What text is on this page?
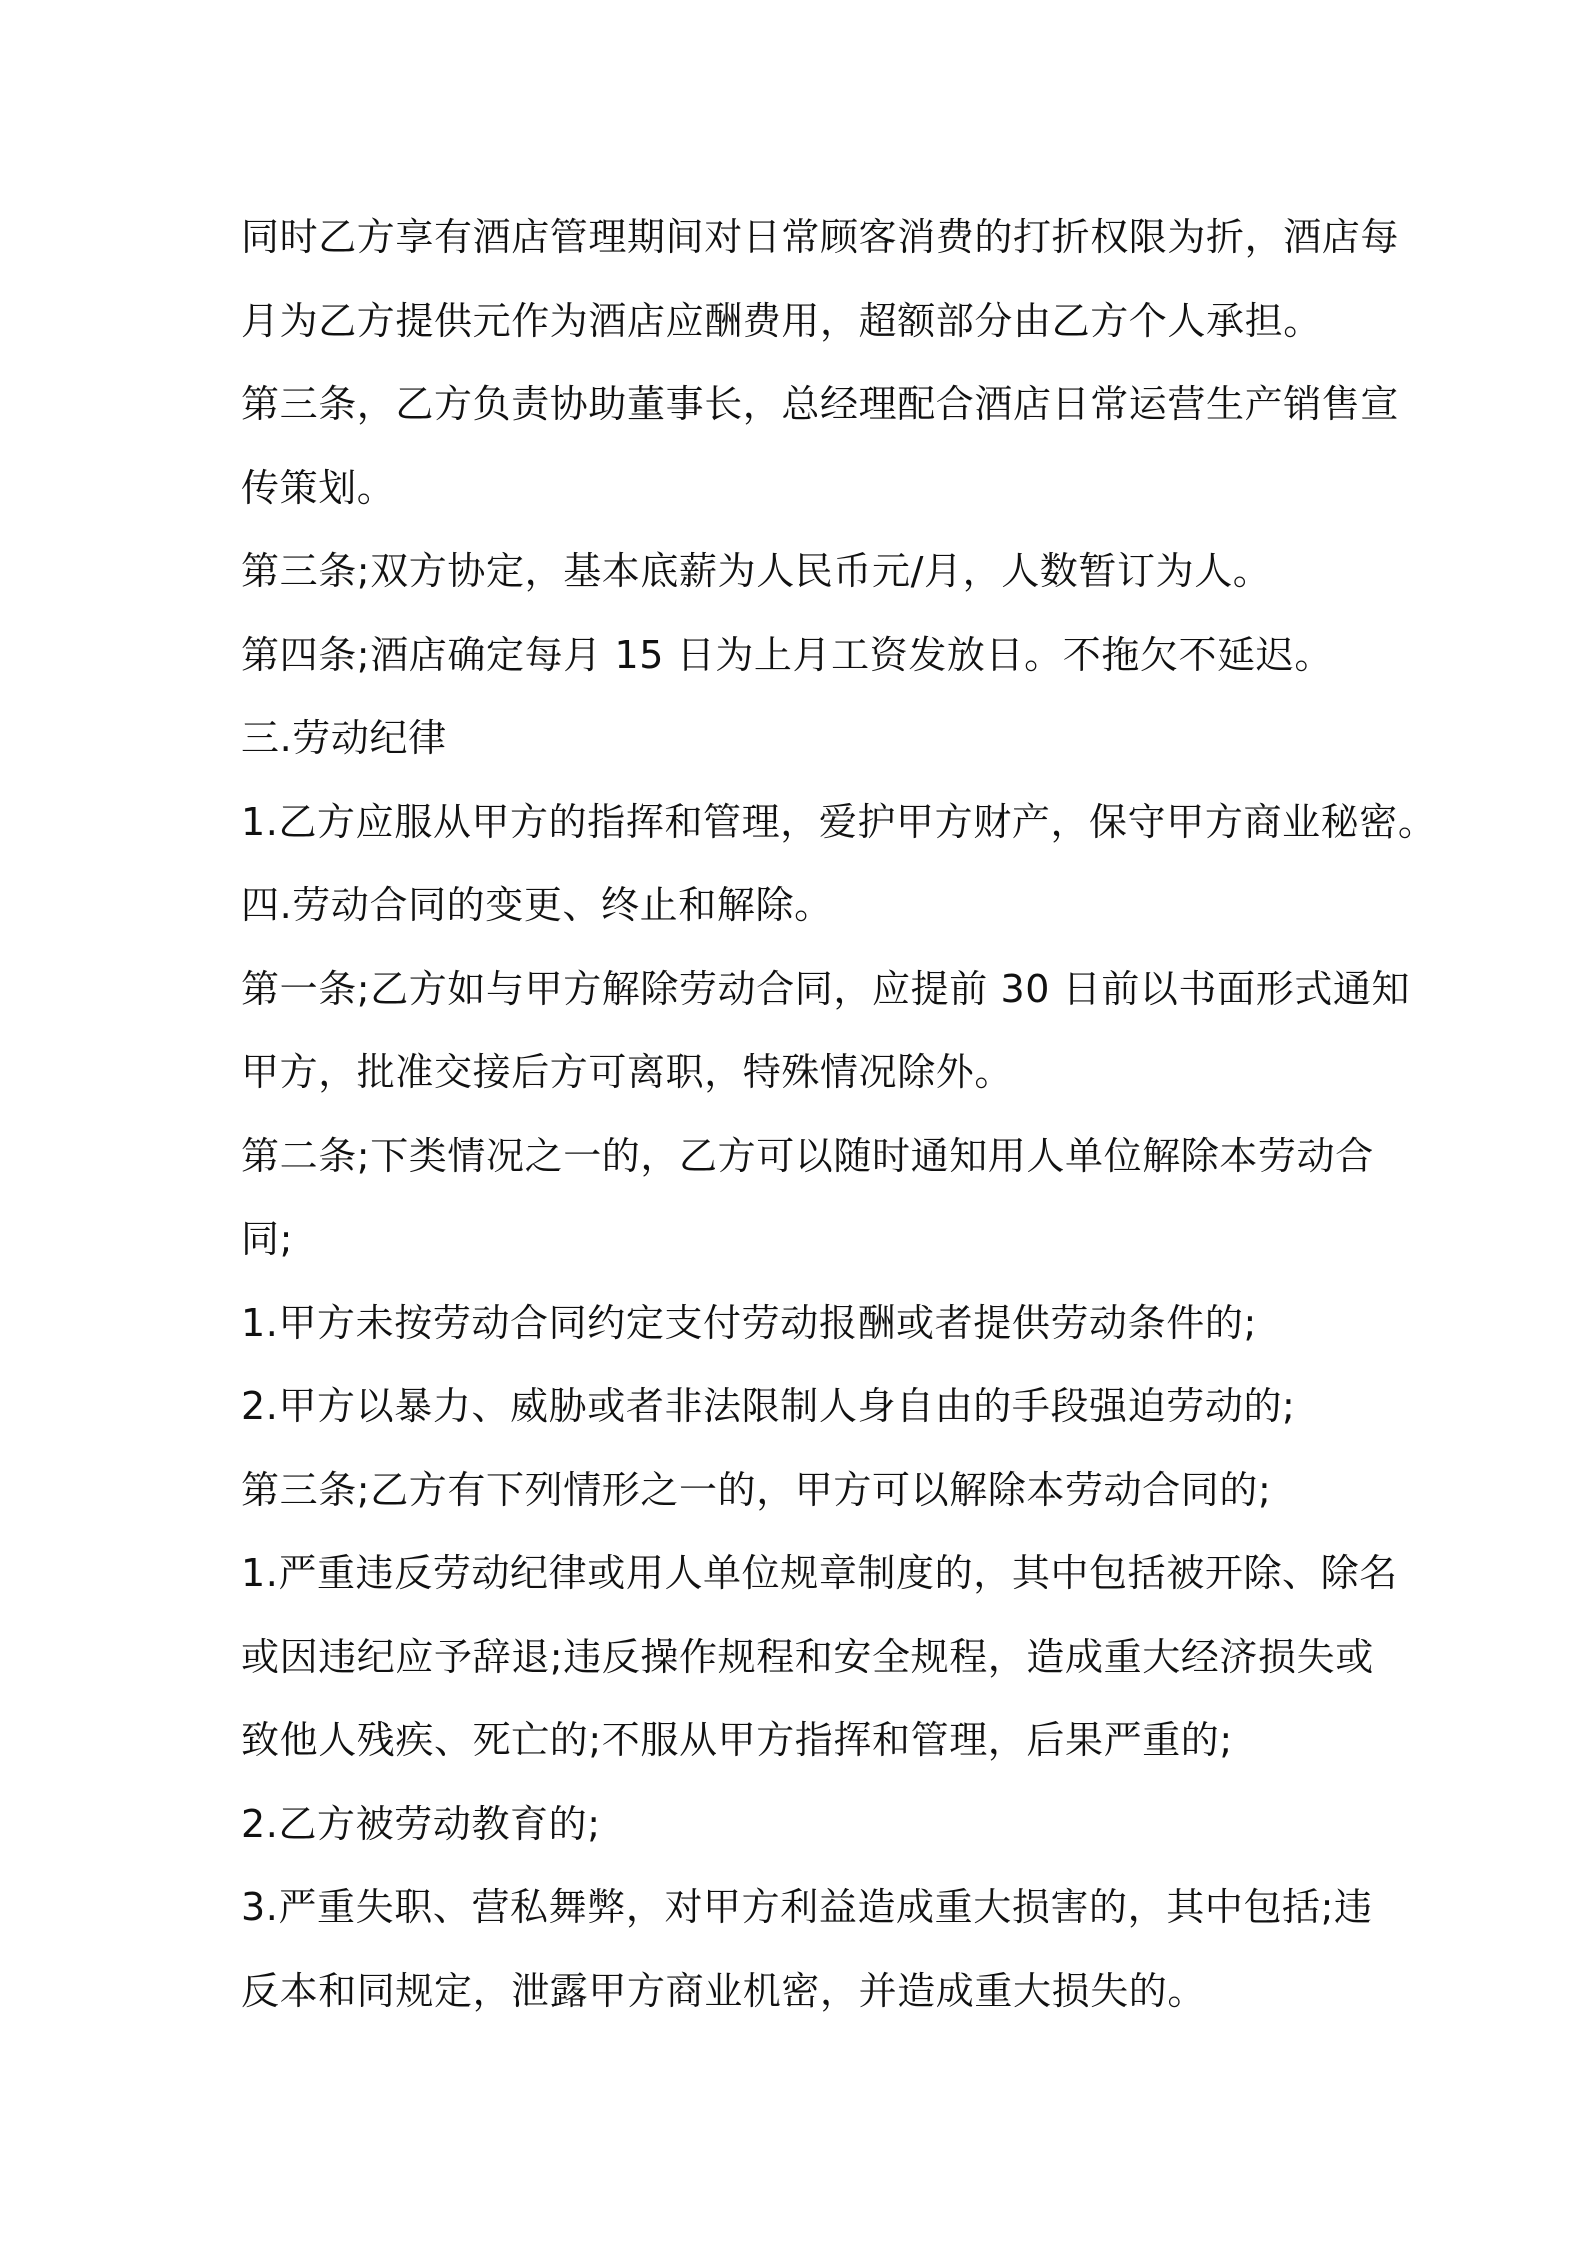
同时乙方享有酒店管理期间对日常顾客消费的打折权限为折，酒店每

月为乙方提供元作为酒店应酬费用，超额部分由乙方个人承担。

第三条，乙方负责协助董事长，总经理配合酒店日常运营生产销售宣

传策划。

第三条;双方协定，基本底薪为人民币元/月，人数暂订为人。

第四条;酒店确定每月 15 日为上月工资发放日。不拖欠不延迟。

三.劳动纪律

1.乙方应服从甲方的指挥和管理，爱护甲方财产，保守甲方商业秘密。

四.劳动合同的变更、终止和解除。

第一条;乙方如与甲方解除劳动合同，应提前 30 日前以书面形式通知

甲方，批准交接后方可离职，特殊情况除外。

第二条;下类情况之一的，乙方可以随时通知用人单位解除本劳动合

同;

1.甲方未按劳动合同约定支付劳动报酬或者提供劳动条件的;

2.甲方以暴力、威胁或者非法限制人身自由的手段强迫劳动的;

第三条;乙方有下列情形之一的，甲方可以解除本劳动合同的;

1.严重违反劳动纪律或用人单位规章制度的，其中包括被开除、除名

或因违纪应予辞退;违反操作规程和安全规程，造成重大经济损失或

致他人残疾、死亡的;不服从甲方指挥和管理，后果严重的;

2.乙方被劳动教育的;

3.严重失职、营私舞弊，对甲方利益造成重大损害的，其中包括;违

反本和同规定，泄露甲方商业机密，并造成重大损失的。
